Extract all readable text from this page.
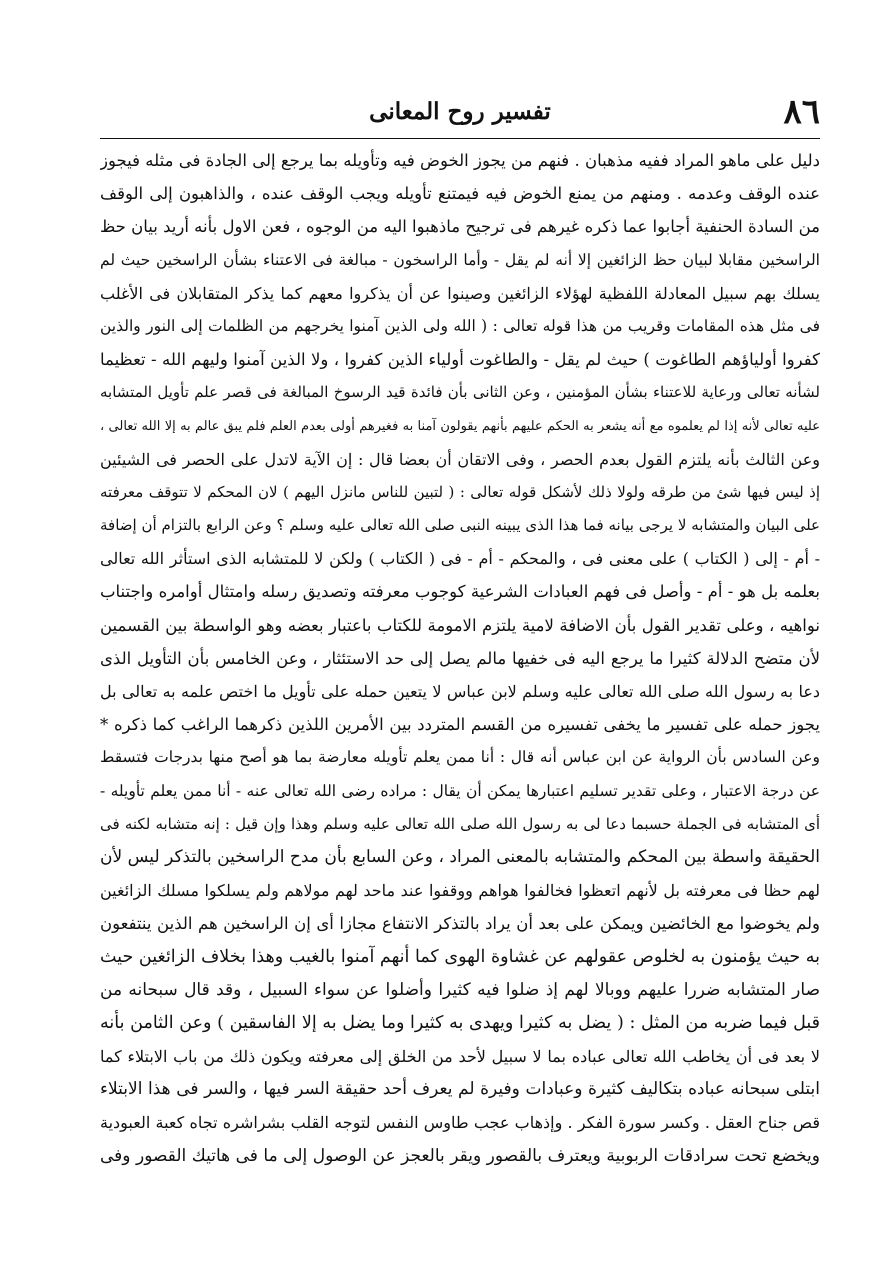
٨٦
تفسير روح المعانى
دليل على ماهو المراد ففيه مذهبان . فنهم من يجوز الخوض فيه وتأويله بما يرجع إلى الجادة فى مثله فيجوز
عنده الوقف وعدمه . ومنهم من يمنع الخوض فيه فيمتنع تأويله ويجب الوقف عنده ، والذاهبون إلى الوقف
من السادة الحنفية أجابوا عما ذكره غيرهم فى ترجيح ماذهبوا اليه من الوجوه ، فعن الاول بأنه أريد بيان حظ
الراسخين مقابلا لبيان حظ الزائغين إلا أنه لم يقل - وأما الراسخون - مبالغة فى الاعتناء بشأن الراسخين حيث لم
يسلك بهم سبيل المعادلة اللفظية لهؤلاء الزائغين وصينوا عن أن يذكروا معهم كما يذكر المتقابلان فى الأغلب
فى مثل هذه المقامات وقريب من هذا قوله تعالى : ( الله ولى الذين آمنوا يخرجهم من الظلمات إلى النور والذين
كفروا أولياؤهم الطاغوت ) حيث لم يقل - والطاغوت أولياء الذين كفروا ، ولا الذين آمنوا وليهم الله - تعظيما
لشأنه تعالى ورعاية للاعتناء بشأن المؤمنين ، وعن الثانى بأن فائدة قيد الرسوخ المبالغة فى قصر علم تأويل المتشابه
عليه تعالى لأنه إذا لم يعلموه مع أنه يشعر به الحكم عليهم بأنهم يقولون آمنا به فغيرهم أولى بعدم العلم فلم يبق عالم به إلا الله تعالى ،
وعن الثالث بأنه يلتزم القول بعدم الحصر ، وفى الاتقان أن بعضا قال : إن الآية لاتدل على الحصر فى الشيئين
إذ ليس فيها شئ من طرقه ولولا ذلك لأشكل قوله تعالى : ( لتبين للناس مانزل اليهم ) لان المحكم لا تتوقف معرفته
على البيان والمتشابه لا يرجى بيانه فما هذا الذى يبينه النبى صلى الله تعالى عليه وسلم ؟ وعن الرابع بالتزام أن إضافة
- أم - إلى ( الكتاب ) على معنى فى ، والمحكم - أم - فى ( الكتاب ) ولكن لا للمتشابه الذى استأثر الله تعالى
بعلمه بل هو - أم - وأصل فى فهم العبادات الشرعية كوجوب معرفته وتصديق رسله وامتثال أوامره واجتناب
نواهيه ، وعلى تقدير القول بأن الاضافة لامية يلتزم الامومة للكتاب باعتبار بعضه وهو الواسطة بين القسمين
لأن متضح الدلالة كثيرا ما يرجع اليه فى خفيها مالم يصل إلى حد الاستئثار ، وعن الخامس بأن التأويل الذى
دعا به رسول الله صلى الله تعالى عليه وسلم لابن عباس لا يتعين حمله على تأويل ما اختص علمه به تعالى بل
يجوز حمله على تفسير ما يخفى تفسيره من القسم المتردد بين الأمرين اللذين ذكرهما الراغب كما ذكره *
وعن السادس بأن الرواية عن ابن عباس أنه قال : أنا ممن يعلم تأويله معارضة بما هو أصح منها بدرجات فتسقط
عن درجة الاعتبار ، وعلى تقدير تسليم اعتبارها يمكن أن يقال : مراده رضى الله تعالى عنه - أنا ممن يعلم تأويله -
أى المتشابه فى الجملة حسبما دعا لى به رسول الله صلى الله تعالى عليه وسلم وهذا وإن قيل : إنه متشابه لكنه فى
الحقيقة واسطة بين المحكم والمتشابه بالمعنى المراد ، وعن السابع بأن مدح الراسخين بالتذكر ليس لأن
لهم حظا فى معرفته بل لأنهم اتعظوا فخالفوا هواهم ووقفوا عند ماحد لهم مولاهم ولم يسلكوا مسلك الزائغين
ولم يخوضوا مع الخائضين ويمكن على بعد أن يراد بالتذكر الانتفاع مجازا أى إن الراسخين هم الذين ينتفعون
به حيث يؤمنون به لخلوص عقولهم عن غشاوة الهوى كما أنهم آمنوا بالغيب وهذا بخلاف الزائغين حيث
صار المتشابه ضررا عليهم ووبالا لهم إذ ضلوا فيه كثيرا وأضلوا عن سواء السبيل ، وقد قال سبحانه من
قبل فيما ضربه من المثل : ( يضل به كثيرا ويهدى به كثيرا وما يضل به إلا الفاسقين ) وعن الثامن بأنه
لا بعد فى أن يخاطب الله تعالى عباده بما لا سبيل لأحد من الخلق إلى معرفته ويكون ذلك من باب الابتلاء كما
ابتلى سبحانه عباده بتكاليف كثيرة وعبادات وفيرة لم يعرف أحد حقيقة السر فيها ، والسر فى هذا الابتلاء
قص جناح العقل . وكسر سورة الفكر . وإذهاب عجب طاوس النفس لتوجه القلب بشراشره تجاه كعبة العبودية
ويخضع تحت سرادقات الربوبية ويعترف بالقصور ويقر بالعجز عن الوصول إلى ما فى هاتيك القصور وفى
